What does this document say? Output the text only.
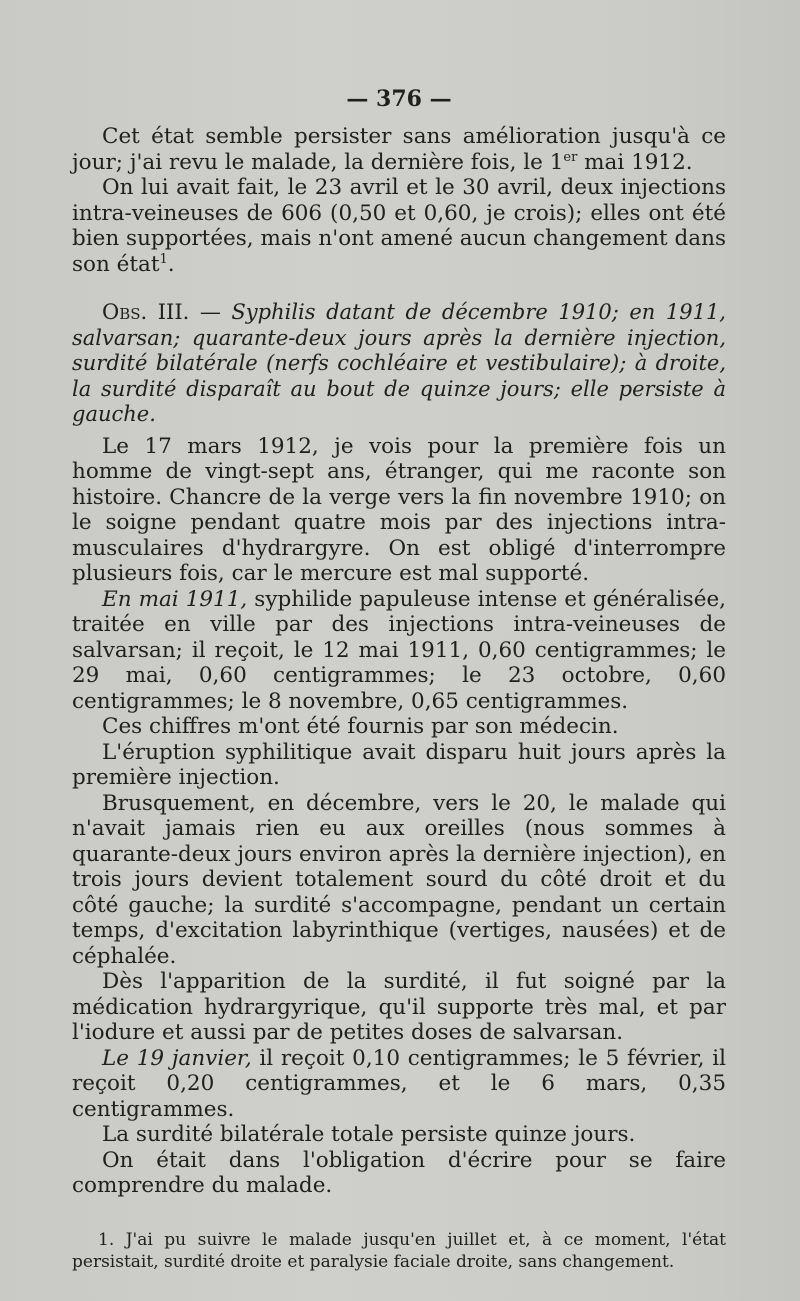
— 376 —

Cet état semble persister sans amélioration jusqu'à ce jour; j'ai revu le malade, la dernière fois, le 1er mai 1912.

On lui avait fait, le 23 avril et le 30 avril, deux injections intra-veineuses de 606 (0,50 et 0,60, je crois); elles ont été bien supportées, mais n'ont amené aucun changement dans son état$^1$.

Obs. III. — Syphilis datant de décembre 1910; en 1911, salvarsan; quarante-deux jours après la dernière injection, surdité bilatérale (nerfs cochléaire et vestibulaire); à droite, la surdité disparaît au bout de quinze jours; elle persiste à gauche.

Le 17 mars 1912, je vois pour la première fois un homme de vingt-sept ans, étranger, qui me raconte son histoire. Chancre de la verge vers la fin novembre 1910; on le soigne pendant quatre mois par des injections intra-musculaires d'hydrargyre. On est obligé d'interrompre plusieurs fois, car le mercure est mal supporté.

En mai 1911, syphilide papuleuse intense et généralisée, traitée en ville par des injections intra-veineuses de salvarsan; il reçoit, le 12 mai 1911, 0,60 centigrammes; le 29 mai, 0,60 centigrammes; le 23 octobre, 0,60 centigrammes; le 8 novembre, 0,65 centigrammes.

Ces chiffres m'ont été fournis par son médecin.

L'éruption syphilitique avait disparu huit jours après la première injection.

Brusquement, en décembre, vers le 20, le malade qui n'avait jamais rien eu aux oreilles (nous sommes à quarante-deux jours environ après la dernière injection), en trois jours devient totalement sourd du côté droit et du côté gauche; la surdité s'accompagne, pendant un certain temps, d'excitation labyrinthique (vertiges, nausées) et de céphalée.

Dès l'apparition de la surdité, il fut soigné par la médication hydrargyrique, qu'il supporte très mal, et par l'iodure et aussi par de petites doses de salvarsan.

Le 19 janvier, il reçoit 0,10 centigrammes; le 5 février, il reçoit 0,20 centigrammes, et le 6 mars, 0,35 centigrammes.

La surdité bilatérale totale persiste quinze jours.

On était dans l'obligation d'écrire pour se faire comprendre du malade.

1. J'ai pu suivre le malade jusqu'en juillet et, à ce moment, l'état persistait, surdité droite et paralysie faciale droite, sans changement.
